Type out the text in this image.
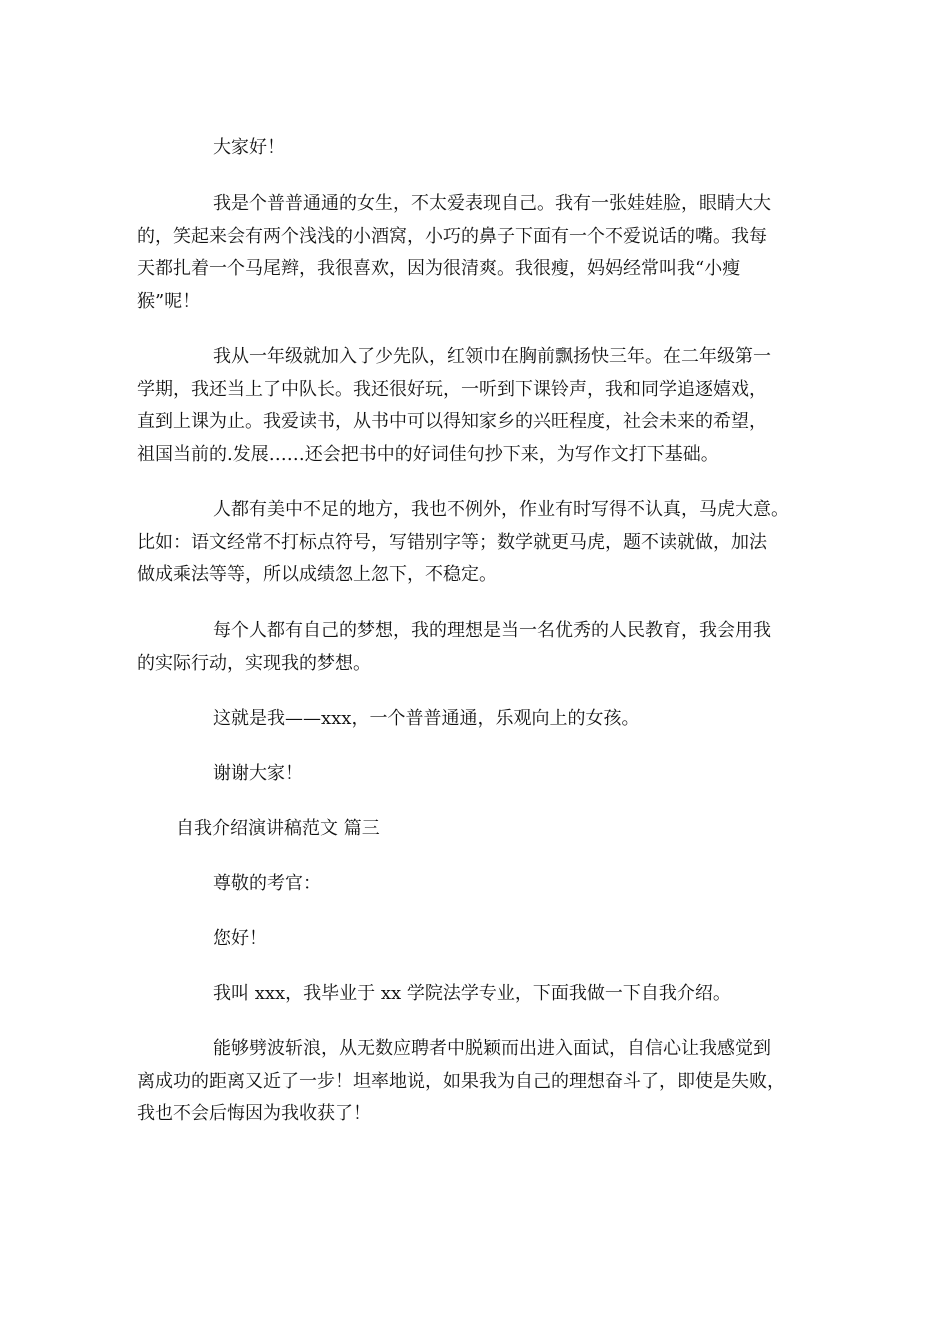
大家好！
我是个普普通通的女生，不太爱表现自己。我有一张娃娃脸，眼睛大大
的，笑起来会有两个浅浅的小酒窝，小巧的鼻子下面有一个不爱说话的嘴。我每
天都扎着一个马尾辫，我很喜欢，因为很清爽。我很瘦，妈妈经常叫我“小瘦
猴”呢！
我从一年级就加入了少先队，红领巾在胸前飘扬快三年。在二年级第一
学期，我还当上了中队长。我还很好玩，一听到下课铃声，我和同学追逐嬉戏，
直到上课为止。我爱读书，从书中可以得知家乡的兴旺程度，社会未来的希望，
祖国当前的.发展……还会把书中的好词佳句抄下来，为写作文打下基础。
人都有美中不足的地方，我也不例外，作业有时写得不认真，马虎大意。
比如：语文经常不打标点符号，写错别字等；数学就更马虎，题不读就做，加法
做成乘法等等，所以成绩忽上忽下，不稳定。
每个人都有自己的梦想，我的理想是当一名优秀的人民教育，我会用我
的实际行动，实现我的梦想。
这就是我——xxx，一个普普通通，乐观向上的女孩。
谢谢大家！
自我介绍演讲稿范文 篇三
尊敬的考官：
您好！
我叫 xxx，我毕业于 xx 学院法学专业，下面我做一下自我介绍。
能够劈波斩浪，从无数应聘者中脱颖而出进入面试，自信心让我感觉到
离成功的距离又近了一步！坦率地说，如果我为自己的理想奋斗了，即使是失败，
我也不会后悔因为我收获了！
